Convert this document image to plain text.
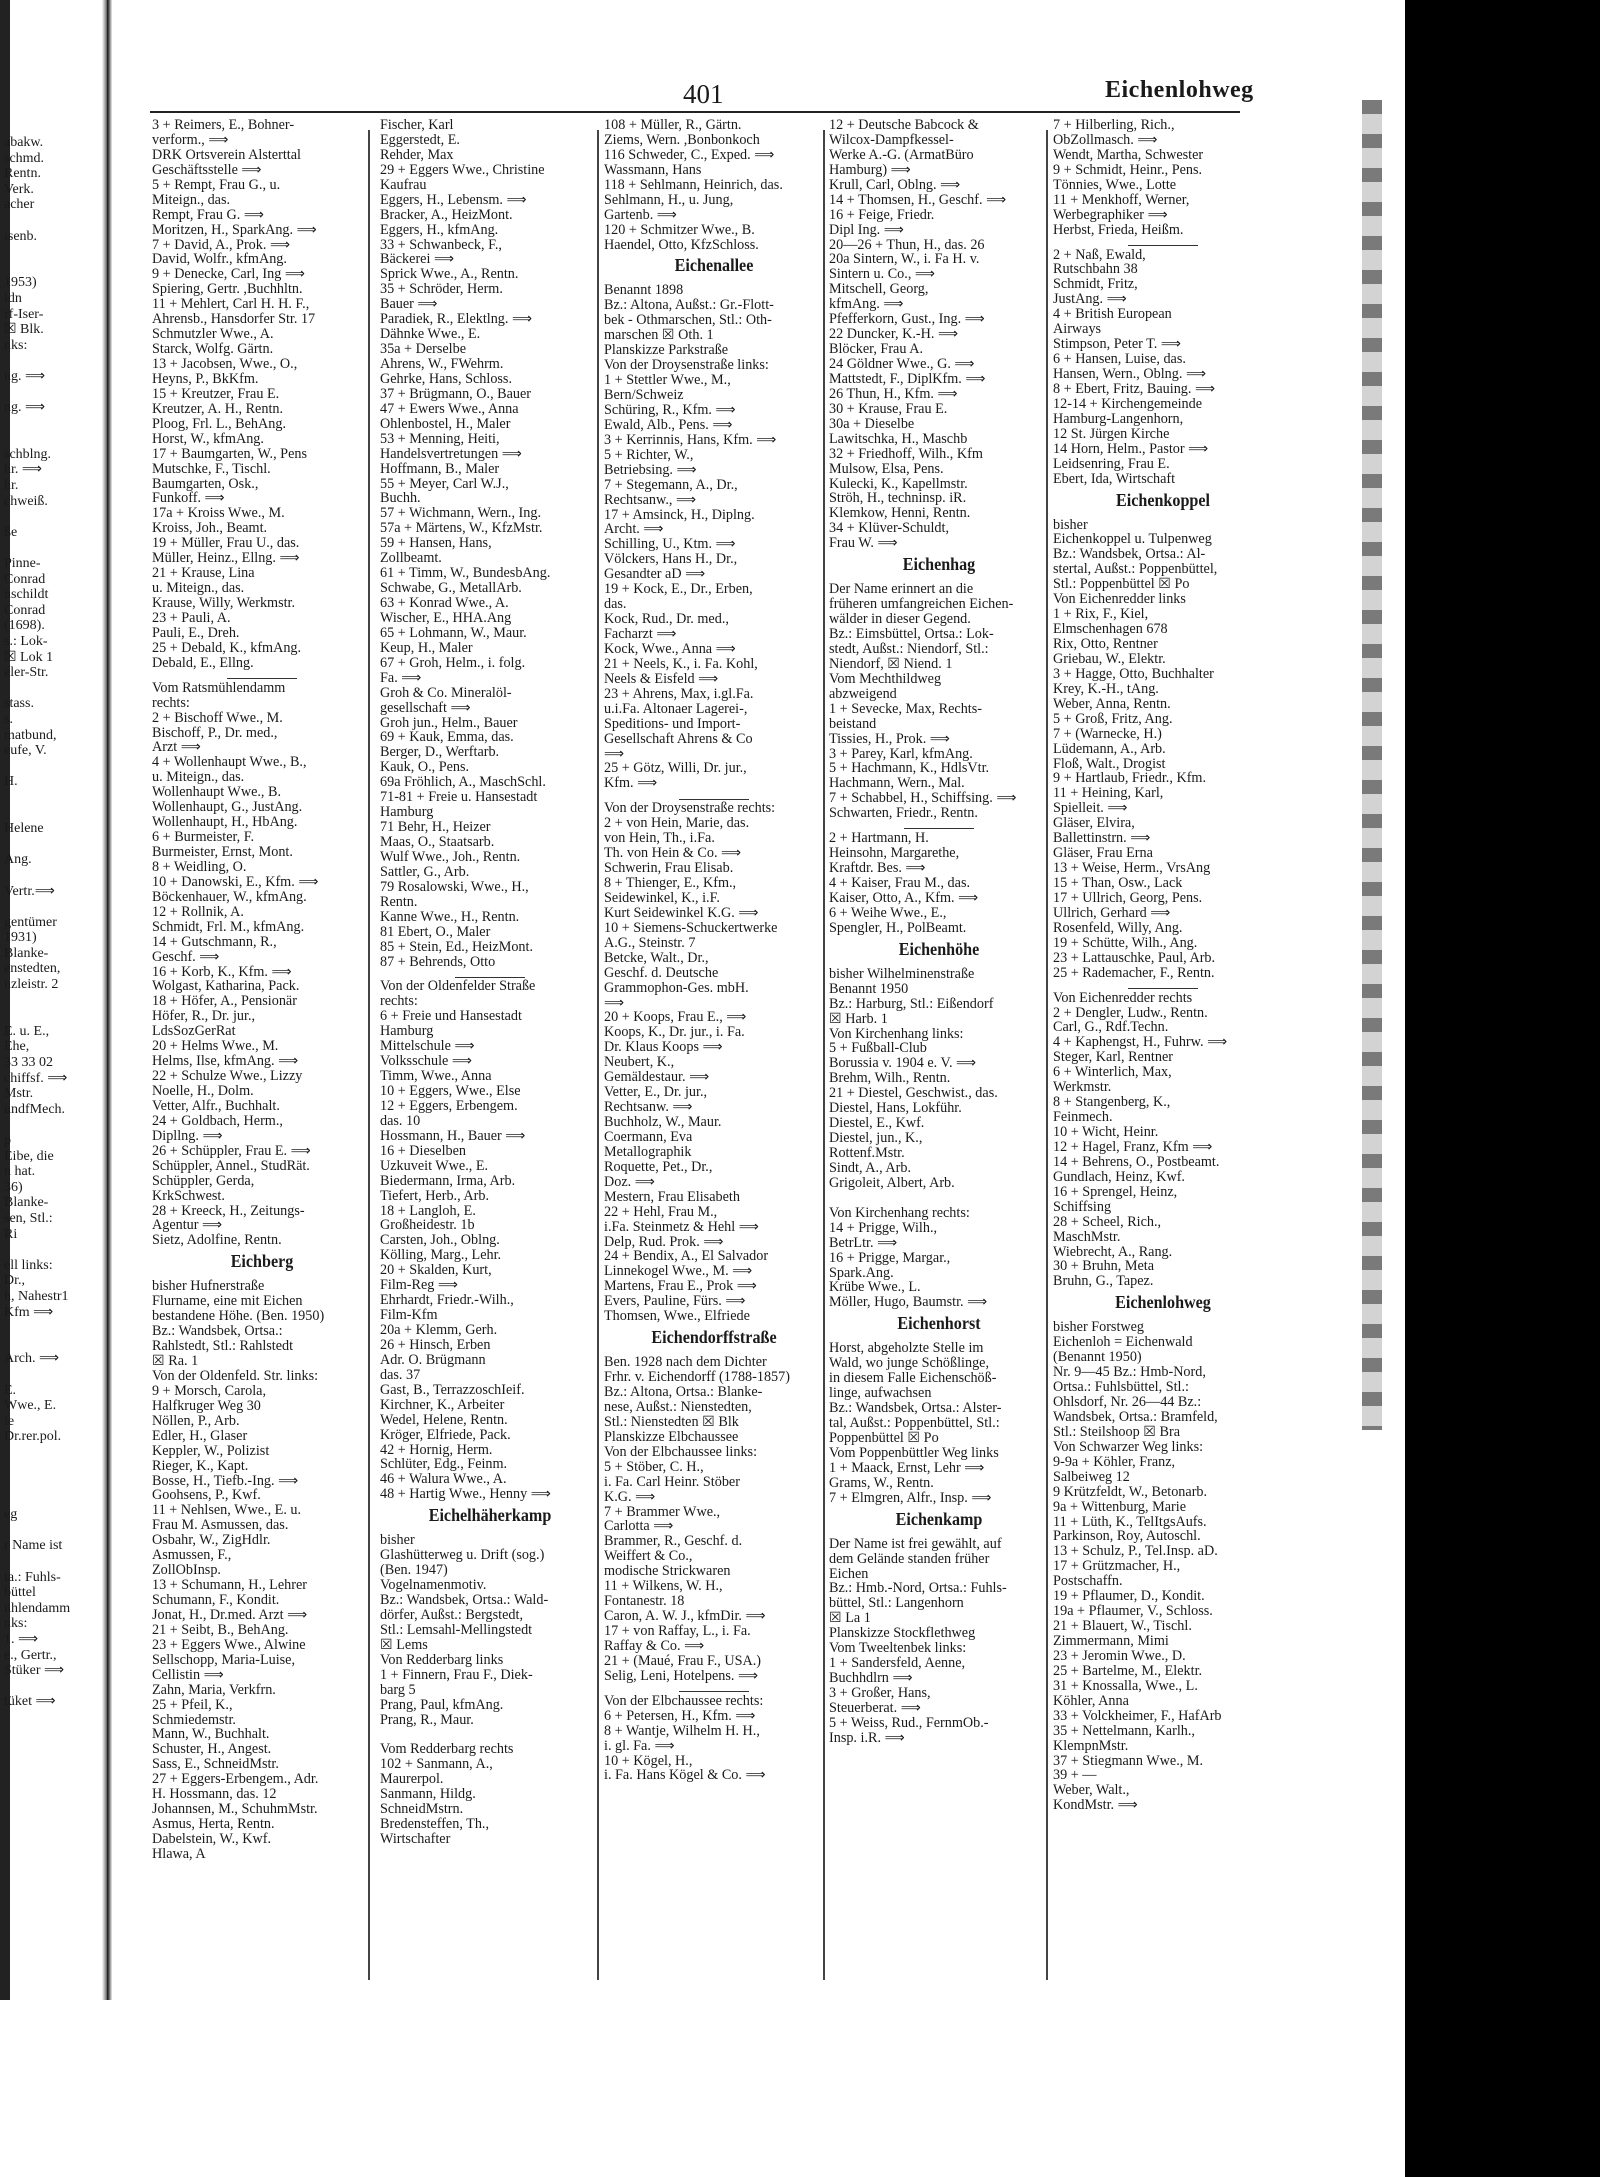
abakw.
schmd.
Rentn.
Verk.
acher
isenb.
1953)
ldn
rf-Iser-
☒ Blk.
nks:
ng. ⟹
ng. ⟹
schblng.
hr. ⟹
hr.
chweiß.
ße
Pinne-
Conrad
nschildt
Conrad
(1698).
s.: Lok-
☒ Lok 1
eler-Str.
stass.
s.
matbund,
eufe, V.
H.
Helene
Ang.
Vertr.⟹
gentümer
1931)
Blanke-
enstedten,
nzleistr. 2
E. u. E.,
Ehe,
33 33 02
chiffsf. ⟹
Mstr.
undfMech.
p
Eibe, die
n hat.
36)
Blanke-
sen, Stl.:
Ri
ell links:
Dr.,
h, Nahestr1
Kfm ⟹
Arch. ⟹
E.
Wwe., E.
ie
Dr.rer.pol.
eg
r Name ist
ta.: Fuhls-
büttel
ühlendamm
nks:
1. ⟹
e., Gertr.,
Stüker ⟹
tüket ⟹
401	Eichenlohweg
3 + Reimers, E., Bohner-
verform., ⟹
DRK Ortsverein Alsterttal
Geschäftsstelle ⟹
5 + Rempt, Frau G., u.
Miteign., das.
Rempt, Frau G. ⟹
Moritzen, H., SparkAng. ⟹
7 + David, A., Prok. ⟹
David, Wolfr., kfmAng.
9 + Denecke, Carl, Ing ⟹
Spiering, Gertr. ,Buchhltn.
11 + Mehlert, Carl H. H. F.,
Ahrensb., Hansdorfer Str. 17
Schmutzler Wwe., A.
Starck, Wolfg. Gärtn.
13 + Jacobsen, Wwe., O.,
Heyns, P., BkKfm.
15 + Kreutzer, Frau E.
Kreutzer, A. H., Rentn.
Ploog, Frl. L., BehAng.
Horst, W., kfmAng.
17 + Baumgarten, W., Pens
Mutschke, F., Tischl.
Baumgarten, Osk.,
Funkoff. ⟹
17a + Kroiss Wwe., M.
Kroiss, Joh., Beamt.
19 + Müller, Frau U., das.
Müller, Heinz., Ellng. ⟹
21 + Krause, Lina
u. Miteign., das.
Krause, Willy, Werkmstr.
23 + Pauli, A.
Pauli, E., Dreh.
25 + Debald, K., kfmAng.
Debald, E., Ellng.
Vom Ratsmühlendamm
rechts:
2 + Bischoff Wwe., M.
Bischoff, P., Dr. med.,
Arzt ⟹
4 + Wollenhaupt Wwe., B.,
u. Miteign., das.
Wollenhaupt Wwe., B.
Wollenhaupt, G., JustAng.
Wollenhaupt, H., HbAng.
6 + Burmeister, F.
Burmeister, Ernst, Mont.
8 + Weidling, O.
10 + Danowski, E., Kfm. ⟹
Böckenhauer, W., kfmAng.
12 + Rollnik, A.
Schmidt, Frl. M., kfmAng.
14 + Gutschmann, R.,
Geschf. ⟹
16 + Korb, K., Kfm. ⟹
Wolgast, Katharina, Pack.
18 + Höfer, A., Pensionär
Höfer, R., Dr. jur.,
LdsSozGerRat
20 + Helms Wwe., M.
Helms, Ilse, kfmAng. ⟹
22 + Schulze Wwe., Lizzy
Noelle, H., Dolm.
Vetter, Alfr., Buchhalt.
24 + Goldbach, Herm.,
Dipllng. ⟹
26 + Schüppler, Frau E. ⟹
Schüppler, Annel., StudRät.
Schüppler, Gerda,
KrkSchwest.
28 + Kreeck, H., Zeitungs-
Agentur ⟹
Sietz, Adolfine, Rentn.
Eichberg
bisher Hufnerstraße
Flurname, eine mit Eichen
bestandene Höhe. (Ben. 1950)
Bz.: Wandsbek, Ortsa.:
Rahlstedt, Stl.: Rahlstedt
☒ Ra. 1
Von der Oldenfeld. Str. links:
9 + Morsch, Carola,
Halfkruger Weg 30
Nöllen, P., Arb.
Edler, H., Glaser
Keppler, W., Polizist
Rieger, K., Kapt.
Bosse, H., Tiefb.-Ing. ⟹
Goohsens, P., Kwf.
11 + Nehlsen, Wwe., E. u.
Frau M. Asmussen, das.
Osbahr, W., ZigHdlr.
Asmussen, F.,
ZollObInsp.
13 + Schumann, H., Lehrer
Schumann, F., Kondit.
Jonat, H., Dr.med. Arzt ⟹
21 + Seibt, B., BehAng.
23 + Eggers Wwe., Alwine
Sellschopp, Maria-Luise,
Cellistin ⟹
Zahn, Maria, Verkfrn.
25 + Pfeil, K.,
Schmiedemstr.
Mann, W., Buchhalt.
Schuster, H., Angest.
Sass, E., SchneidMstr.
27 + Eggers-Erbengem., Adr.
H. Hossmann, das. 12
Johannsen, M., SchuhmMstr.
Asmus, Herta, Rentn.
Dabelstein, W., Kwf.
Hlawa, A
Fischer, Karl
Eggerstedt, E.
Rehder, Max
29 + Eggers Wwe., Christine
Kaufrau
Eggers, H., Lebensm. ⟹
Bracker, A., HeizMont.
Eggers, H., kfmAng.
33 + Schwanbeck, F.,
Bäckerei ⟹
Sprick Wwe., A., Rentn.
35 + Schröder, Herm.
Bauer ⟹
Paradiek, R., Elektlng. ⟹
Dähnke Wwe., E.
35a + Derselbe
Ahrens, W., FWehrm.
Gehrke, Hans, Schloss.
37 + Brügmann, O., Bauer
47 + Ewers Wwe., Anna
Ohlenbostel, H., Maler
53 + Menning, Heiti,
Handelsvertretungen ⟹
Hoffmann, B., Maler
55 + Meyer, Carl W.J.,
Buchh.
57 + Wichmann, Wern., Ing.
57a + Märtens, W., KfzMstr.
59 + Hansen, Hans,
Zollbeamt.
61 + Timm, W., BundesbAng.
Schwabe, G., MetallArb.
63 + Konrad Wwe., A.
Wischer, E., HHA.Ang
65 + Lohmann, W., Maur.
Keup, H., Maler
67 + Groh, Helm., i. folg.
Fa. ⟹
Groh & Co. Mineralöl-
gesellschaft ⟹
Groh jun., Helm., Bauer
69 + Kauk, Emma, das.
Berger, D., Werftarb.
Kauk, O., Pens.
69a Fröhlich, A., MaschSchl.
71-81 + Freie u. Hansestadt
Hamburg
71 Behr, H., Heizer
Maas, O., Staatsarb.
Wulf Wwe., Joh., Rentn.
Sattler, G., Arb.
79 Rosalowski, Wwe., H.,
Rentn.
Kanne Wwe., H., Rentn.
81 Ebert, O., Maler
85 + Stein, Ed., HeizMont.
87 + Behrends, Otto
Von der Oldenfelder Straße
rechts:
6 + Freie und Hansestadt
Hamburg
Mittelschule ⟹
Volksschule ⟹
Timm, Wwe., Anna
10 + Eggers, Wwe., Else
12 + Eggers, Erbengem.
das. 10
Hossmann, H., Bauer ⟹
16 + Dieselben
Uzkuveit Wwe., E.
Biedermann, Irma, Arb.
Tiefert, Herb., Arb.
18 + Langloh, E.
Großheidestr. 1b
Carsten, Joh., Oblng.
Kölling, Marg., Lehr.
20 + Skalden, Kurt,
Film-Reg ⟹
Ehrhardt, Friedr.-Wilh.,
Film-Kfm
20a + Klemm, Gerh.
26 + Hinsch, Erben
Adr. O. Brügmann
das. 37
Gast, B., TerrazzoschIeif.
Kirchner, K., Arbeiter
Wedel, Helene, Rentn.
Kröger, Elfriede, Pack.
42 + Hornig, Herm.
Schlüter, Edg., Feinm.
46 + Walura Wwe., A.
48 + Hartig Wwe., Henny ⟹
Eichelhäherkamp
bisher
Glashütterweg u. Drift (sog.)
(Ben. 1947)
Vogelnamenmotiv.
Bz.: Wandsbek, Ortsa.: Wald-
dörfer, Außst.: Bergstedt,
Stl.: Lemsahl-Mellingstedt
☒ Lems
Von Redderbarg links
1 + Finnern, Frau F., Diek-
barg 5
Prang, Paul, kfmAng.
Prang, R., Maur.
Vom Redderbarg rechts
102 + Sanmann, A.,
Maurerpol.
Sanmann, Hildg.
SchneidMstrn.
Bredensteffen, Th.,
Wirtschafter
108 + Müller, R., Gärtn.
Ziems, Wern. ,Bonbonkoch
116 Schweder, C., Exped. ⟹
Wassmann, Hans
118 + Sehlmann, Heinrich, das.
Sehlmann, H., u. Jung,
Gartenb. ⟹
120 + Schmitzer Wwe., B.
Haendel, Otto, KfzSchloss.
Eichenallee
Benannt 1898
Bz.: Altona, Außst.: Gr.-Flott-
bek - Othmarschen, Stl.: Oth-
marschen ☒ Oth. 1
Planskizze Parkstraße
Von der Droysenstraße links:
1 + Stettler Wwe., M.,
Bern/Schweiz
Schüring, R., Kfm. ⟹
Ewald, Alb., Pens. ⟹
3 + Kerrinnis, Hans, Kfm. ⟹
5 + Richter, W.,
Betriebsing. ⟹
7 + Stegemann, A., Dr.,
Rechtsanw., ⟹
17 + Amsinck, H., Diplng.
Archt. ⟹
Schilling, U., Ktm. ⟹
Völckers, Hans H., Dr.,
Gesandter aD ⟹
19 + Kock, E., Dr., Erben,
das.
Kock, Rud., Dr. med.,
Facharzt ⟹
Kock, Wwe., Anna ⟹
21 + Neels, K., i. Fa. Kohl,
Neels & Eisfeld ⟹
23 + Ahrens, Max, i.gl.Fa.
u.i.Fa. Altonaer Lagerei-,
Speditions- und Import-
Gesellschaft Ahrens & Co
⟹
25 + Götz, Willi, Dr. jur.,
Kfm. ⟹
Von der Droysenstraße rechts:
2 + von Hein, Marie, das.
von Hein, Th., i.Fa.
Th. von Hein & Co. ⟹
Schwerin, Frau Elisab.
8 + Thienger, E., Kfm.,
Seidewinkel, K., i.F.
Kurt Seidewinkel K.G. ⟹
10 + Siemens-Schuckertwerke
A.G., Steinstr. 7
Betcke, Walt., Dr.,
Geschf. d. Deutsche
Grammophon-Ges. mbH.
⟹
20 + Koops, Frau E., ⟹
Koops, K., Dr. jur., i. Fa.
Dr. Klaus Koops ⟹
Neubert, K.,
Gemäldestaur. ⟹
Vetter, E., Dr. jur.,
Rechtsanw. ⟹
Buchholz, W., Maur.
Coermann, Eva
Metallographik
Roquette, Pet., Dr.,
Doz. ⟹
Mestern, Frau Elisabeth
22 + Hehl, Frau M.,
i.Fa. Steinmetz & Hehl ⟹
Delp, Rud. Prok. ⟹
24 + Bendix, A., El Salvador
Linnekogel Wwe., M. ⟹
Martens, Frau E., Prok ⟹
Evers, Pauline, Fürs. ⟹
Thomsen, Wwe., Elfriede
Eichendorffstraße
Ben. 1928 nach dem Dichter
Frhr. v. Eichendorff (1788-1857)
Bz.: Altona, Ortsa.: Blanke-
nese, Außst.: Nienstedten,
Stl.: Nienstedten ☒ Blk
Planskizze Elbchaussee
Von der Elbchaussee links:
5 + Stöber, C. H.,
i. Fa. Carl Heinr. Stöber
K.G. ⟹
7 + Brammer Wwe.,
Carlotta ⟹
Brammer, R., Geschf. d.
Weiffert & Co.,
modische Strickwaren
11 + Wilkens, W. H.,
Fontanestr. 18
Caron, A. W. J., kfmDir. ⟹
17 + von Raffay, L., i. Fa.
Raffay & Co. ⟹
21 + (Maué, Frau F., USA.)
Selig, Leni, Hotelpens. ⟹
Von der Elbchaussee rechts:
6 + Petersen, H., Kfm. ⟹
8 + Wantje, Wilhelm H. H.,
i. gl. Fa. ⟹
10 + Kögel, H.,
i. Fa. Hans Kögel & Co. ⟹
12 + Deutsche Babcock &
Wilcox-Dampfkessel-
Werke A.-G. (ArmatBüro
Hamburg) ⟹
Krull, Carl, Oblng. ⟹
14 + Thomsen, H., Geschf. ⟹
16 + Feige, Friedr.
Dipl Ing. ⟹
20—26 + Thun, H., das. 26
20a Sintern, W., i. Fa H. v.
Sintern u. Co., ⟹
Mitschell, Georg,
kfmAng. ⟹
Pfefferkorn, Gust., Ing. ⟹
22 Duncker, K.-H. ⟹
Blöcker, Frau A.
24 Göldner Wwe., G. ⟹
Mattstedt, F., DiplKfm. ⟹
26 Thun, H., Kfm. ⟹
30 + Krause, Frau E.
30a + Dieselbe
Lawitschka, H., Maschb
32 + Friedhoff, Wilh., Kfm
Mulsow, Elsa, Pens.
Kulecki, K., Kapellmstr.
Ströh, H., techninsp. iR.
Klemkow, Henni, Rentn.
34 + Klüver-Schuldt,
Frau W. ⟹
Eichenhag
Der Name erinnert an die
früheren umfangreichen Eichen-
wälder in dieser Gegend.
Bz.: Eimsbüttel, Ortsa.: Lok-
stedt, Außst.: Niendorf, Stl.:
Niendorf, ☒ Niend. 1
Vom Mechthildweg
abzweigend
1 + Sevecke, Max, Rechts-
beistand
Tissies, H., Prok. ⟹
3 + Parey, Karl, kfmAng.
5 + Hachmann, K., HdlsVtr.
Hachmann, Wern., Mal.
7 + Schabbel, H., Schiffsing. ⟹
Schwarten, Friedr., Rentn.
2 + Hartmann, H.
Heinsohn, Margarethe,
Kraftdr. Bes. ⟹
4 + Kaiser, Frau M., das.
Kaiser, Otto, A., Kfm. ⟹
6 + Weihe Wwe., E.,
Spengler, H., PolBeamt.
Eichenhöhe
bisher Wilhelminenstraße
Benannt 1950
Bz.: Harburg, Stl.: Eißendorf
☒ Harb. 1
Von Kirchenhang links:
5 + Fußball-Club
Borussia v. 1904 e. V. ⟹
Brehm, Wilh., Rentn.
21 + Diestel, Geschwist., das.
Diestel, Hans, Lokführ.
Diestel, E., Kwf.
Diestel, jun., K.,
Rottenf.Mstr.
Sindt, A., Arb.
Grigoleit, Albert, Arb.
Von Kirchenhang rechts:
14 + Prigge, Wilh.,
BetrLtr. ⟹
16 + Prigge, Margar.,
Spark.Ang.
Krübe Wwe., L.
Möller, Hugo, Baumstr. ⟹
Eichenhorst
Horst, abgeholzte Stelle im
Wald, wo junge Schößlinge,
in diesem Falle Eichenschöß-
linge, aufwachsen
Bz.: Wandsbek, Ortsa.: Alster-
tal, Außst.: Poppenbüttel, Stl.:
Poppenbüttel ☒ Po
Vom Poppenbüttler Weg links
1 + Maack, Ernst, Lehr ⟹
Grams, W., Rentn.
7 + Elmgren, Alfr., Insp. ⟹
Eichenkamp
Der Name ist frei gewählt, auf
dem Gelände standen früher
Eichen
Bz.: Hmb.-Nord, Ortsa.: Fuhls-
büttel, Stl.: Langenhorn
☒ La 1
Planskizze Stockflethweg
Vom Tweeltenbek links:
1 + Sandersfeld, Aenne,
Buchhdlrn ⟹
3 + Großer, Hans,
Steuerberat. ⟹
5 + Weiss, Rud., FernmOb.-
Insp. i.R. ⟹
7 + Hilberling, Rich.,
ObZollmasch. ⟹
Wendt, Martha, Schwester
9 + Schmidt, Heinr., Pens.
Tönnies, Wwe., Lotte
11 + Menkhoff, Werner,
Werbegraphiker ⟹
Herbst, Frieda, Heißm.
2 + Naß, Ewald,
Rutschbahn 38
Schmidt, Fritz,
JustAng. ⟹
4 + British European
Airways
Stimpson, Peter T. ⟹
6 + Hansen, Luise, das.
Hansen, Wern., Oblng. ⟹
8 + Ebert, Fritz, Bauing. ⟹
12-14 + Kirchengemeinde
Hamburg-Langenhorn,
12 St. Jürgen Kirche
14 Horn, Helm., Pastor ⟹
Leidsenring, Frau E.
Ebert, Ida, Wirtschaft
Eichenkoppel
bisher
Eichenkoppel u. Tulpenweg
Bz.: Wandsbek, Ortsa.: Al-
stertal, Außst.: Poppenbüttel,
Stl.: Poppenbüttel ☒ Po
Von Eichenredder links
1 + Rix, F., Kiel,
Elmschenhagen 678
Rix, Otto, Rentner
Griebau, W., Elektr.
3 + Hagge, Otto, Buchhalter
Krey, K.-H., tAng.
Weber, Anna, Rentn.
5 + Groß, Fritz, Ang.
7 + (Warnecke, H.)
Lüdemann, A., Arb.
Floß, Walt., Drogist
9 + Hartlaub, Friedr., Kfm.
11 + Heining, Karl,
Spielleit. ⟹
Gläser, Elvira,
Ballettinstrn. ⟹
Gläser, Frau Erna
13 + Weise, Herm., VrsAng
15 + Than, Osw., Lack
17 + Ullrich, Georg, Pens.
Ullrich, Gerhard ⟹
Rosenfeld, Willy, Ang.
19 + Schütte, Wilh., Ang.
23 + Lattauschke, Paul, Arb.
25 + Rademacher, F., Rentn.
Von Eichenredder rechts
2 + Dengler, Ludw., Rentn.
Carl, G., Rdf.Techn.
4 + Kaphengst, H., Fuhrw. ⟹
Steger, Karl, Rentner
6 + Winterlich, Max,
Werkmstr.
8 + Stangenberg, K.,
Feinmech.
10 + Wicht, Heinr.
12 + Hagel, Franz, Kfm ⟹
14 + Behrens, O., Postbeamt.
Gundlach, Heinz, Kwf.
16 + Sprengel, Heinz,
Schiffsing
28 + Scheel, Rich.,
MaschMstr.
Wiebrecht, A., Rang.
30 + Bruhn, Meta
Bruhn, G., Tapez.
Eichenlohweg
bisher Forstweg
Eichenloh = Eichenwald
(Benannt 1950)
Nr. 9—45 Bz.: Hmb-Nord,
Ortsa.: Fuhlsbüttel, Stl.:
Ohlsdorf, Nr. 26—44 Bz.:
Wandsbek, Ortsa.: Bramfeld,
Stl.: Steilshoop ☒ Bra
Von Schwarzer Weg links:
9-9a + Köhler, Franz,
Salbeiweg 12
9 Krützfeldt, W., Betonarb.
9a + Wittenburg, Marie
11 + Lüth, K., TelItgsAufs.
Parkinson, Roy, Autoschl.
13 + Schulz, P., Tel.Insp. aD.
17 + Grützmacher, H.,
Postschaffn.
19 + Pflaumer, D., Kondit.
19a + Pflaumer, V., Schloss.
21 + Blauert, W., Tischl.
Zimmermann, Mimi
23 + Jeromin Wwe., D.
25 + Bartelme, M., Elektr.
31 + Knossalla, Wwe., L.
Köhler, Anna
33 + Volckheimer, F., HafArb
35 + Nettelmann, Karlh.,
KlempnMstr.
37 + Stiegmann Wwe., M.
39 + —
Weber, Walt.,
KondMstr. ⟹
